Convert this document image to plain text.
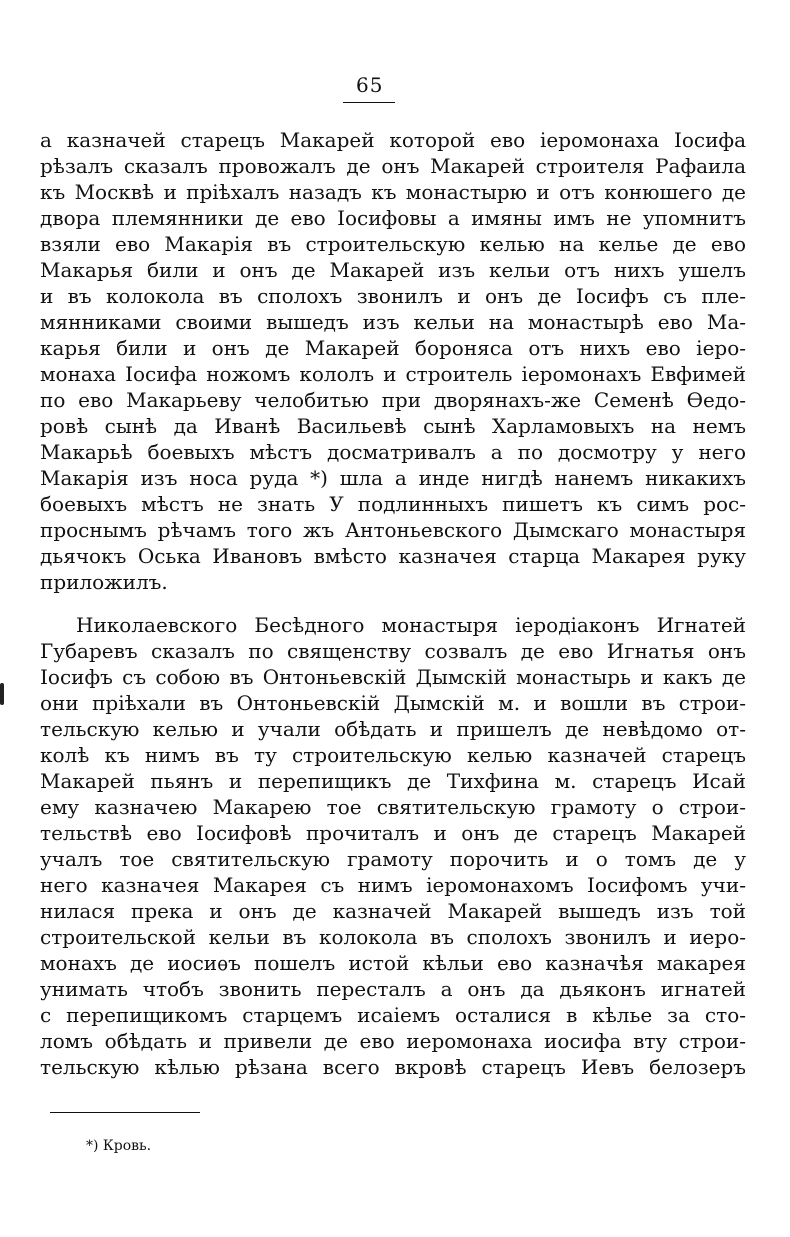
65
а казначей старецъ Макарей которой ево іеромонаха Іосифа
рѣзалъ сказалъ провожалъ де онъ Макарей строителя Рафаила
къ Москвѣ и пріѣхалъ назадъ къ монастырю и отъ конюшего де
двора племянники де ево Іосифовы а имяны имъ не упомнитъ
взяли ево Макарія въ строительскую келью на келье де ево
Макарья били и онъ де Макарей изъ кельи отъ нихъ ушелъ
и въ колокола въ сполохъ звонилъ и онъ де Іосифъ съ пле-
мянниками своими вышедъ изъ кельи на монастырѣ ево Ма-
карья били и онъ де Макарей бороняса отъ нихъ ево іеро-
монаха Іосифа ножомъ кололъ и строитель іеромонахъ Евфимей
по ево Макарьеву челобитью при дворянахъ-же Семенѣ Ѳедо-
ровѣ сынѣ да Иванѣ Васильевѣ сынѣ Харламовыхъ на немъ
Макарьѣ боевыхъ мѣстъ досматривалъ а по досмотру у него
Макарія изъ носа руда *) шла а инде нигдѣ нанемъ никакихъ
боевыхъ мѣстъ не знать У подлинныхъ пишетъ къ симъ рос-
проснымъ рѣчамъ того жъ Антоньевского Дымскаго монастыря
дьячокъ Оська Ивановъ вмѣсто казначея старца Макарея руку
приложилъ.
Николаевского Бесѣдного монастыря іеродіаконъ Игнатей
Губаревъ сказалъ по священству созвалъ де ево Игнатья онъ
Іосифъ съ собою въ Онтоньевскій Дымскій монастырь и какъ де
они пріѣхали въ Онтоньевскій Дымскій м. и вошли въ строи-
тельскую келью и учали обѣдать и пришелъ де невѣдомо от-
колѣ къ нимъ въ ту строительскую келью казначей старецъ
Макарей пьянъ и перепищикъ де Тихфина м. старецъ Исай
ему казначею Макарею тое святительскую грамоту о строи-
тельствѣ ево Іосифовѣ прочиталъ и онъ де старецъ Макарей
учалъ тое святительскую грамоту порочить и о томъ де у
него казначея Макарея съ нимъ іеромонахомъ Іосифомъ учи-
нилася прека и онъ де казначей Макарей вышедъ изъ той
строительской кельи въ колокола въ сполохъ звонилъ и иеро-
монахъ де иосиѳъ пошелъ истой кѣльи ево казначѣя макарея
унимать чтобъ звонить пересталъ а онъ да дьяконъ игнатей
с перепищикомъ старцемъ исаіемъ осталися в кѣлье за сто-
ломъ обѣдать и привели де ево иеромонаха иосифа вту строи-
тельскую кѣлью рѣзана всего вкровѣ старецъ Иевъ белозеръ
*) Кровь.
